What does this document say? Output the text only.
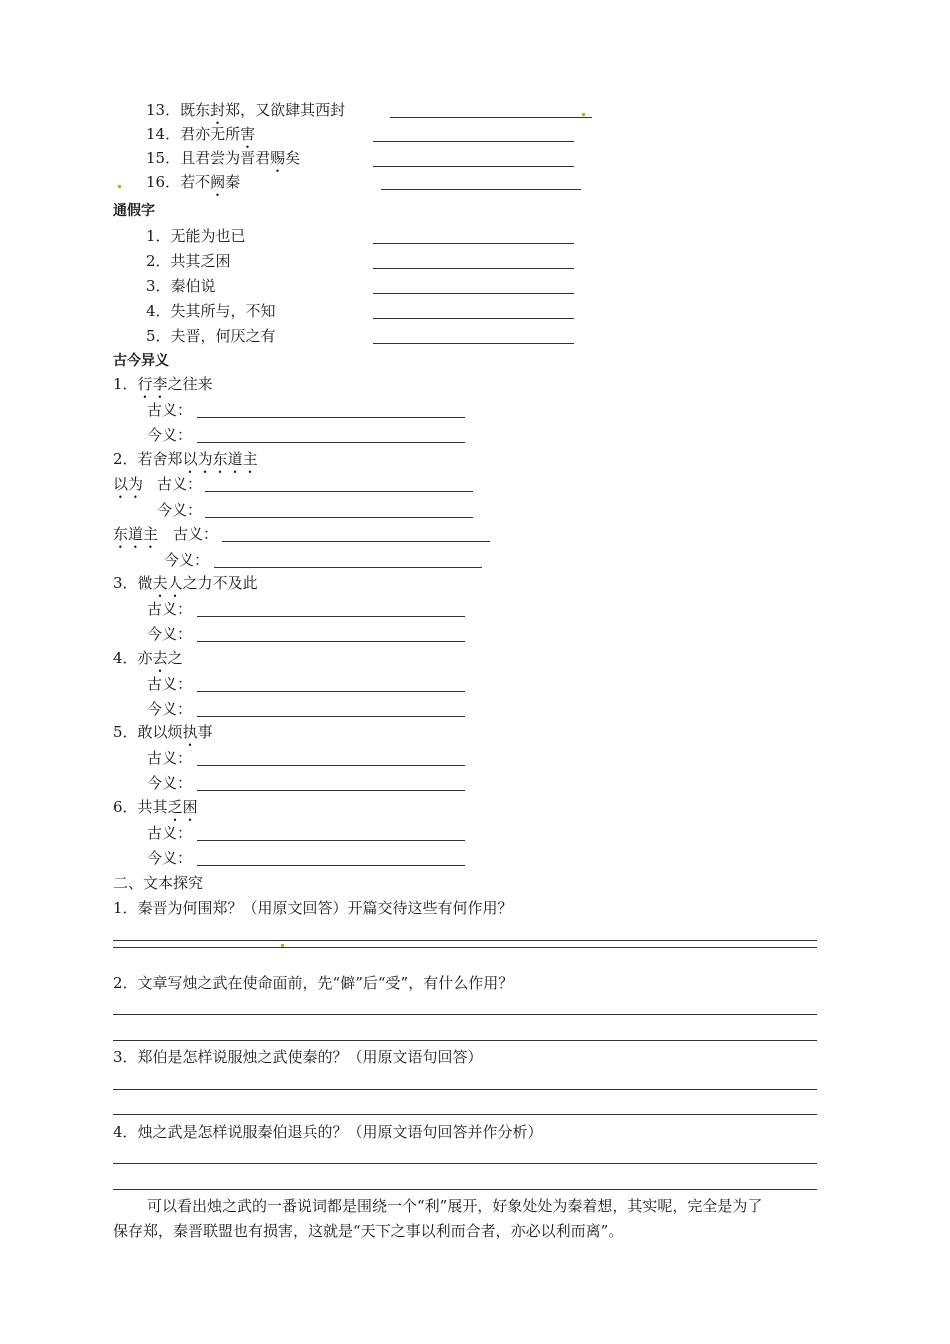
13．既东封郑，又欲肆其西封
14．君亦无所害
15．且君尝为晋君赐矣
16．若不阙秦
通假字
1．无能为也已
2．共其乏困
3．秦伯说
4．失其所与，不知
5．夫晋，何厌之有
古今异义
1．行李之往来
古义：
今义：
2．若舍郑以为东道主
以为 古义：
今义：
东道主 古义：
今义：
3．微夫人之力不及此
古义：
今义：
4．亦去之
古义：
今义：
5．敢以烦执事
古义：
今义：
6．共其乏困
古义：
今义：
二、文本探究
1．秦晋为何围郑？（用原文回答）开篇交待这些有何作用？
2．文章写烛之武在使命面前，先“僻”后“受”，有什么作用？
3．郑伯是怎样说服烛之武使秦的？（用原文语句回答）
4．烛之武是怎样说服秦伯退兵的？（用原文语句回答并作分析）
可以看出烛之武的一番说词都是围绕一个“利”展开，好象处处为秦着想，其实呢，完全是为了
保存郑，秦晋联盟也有损害，这就是“天下之事以利而合者，亦必以利而离”。
